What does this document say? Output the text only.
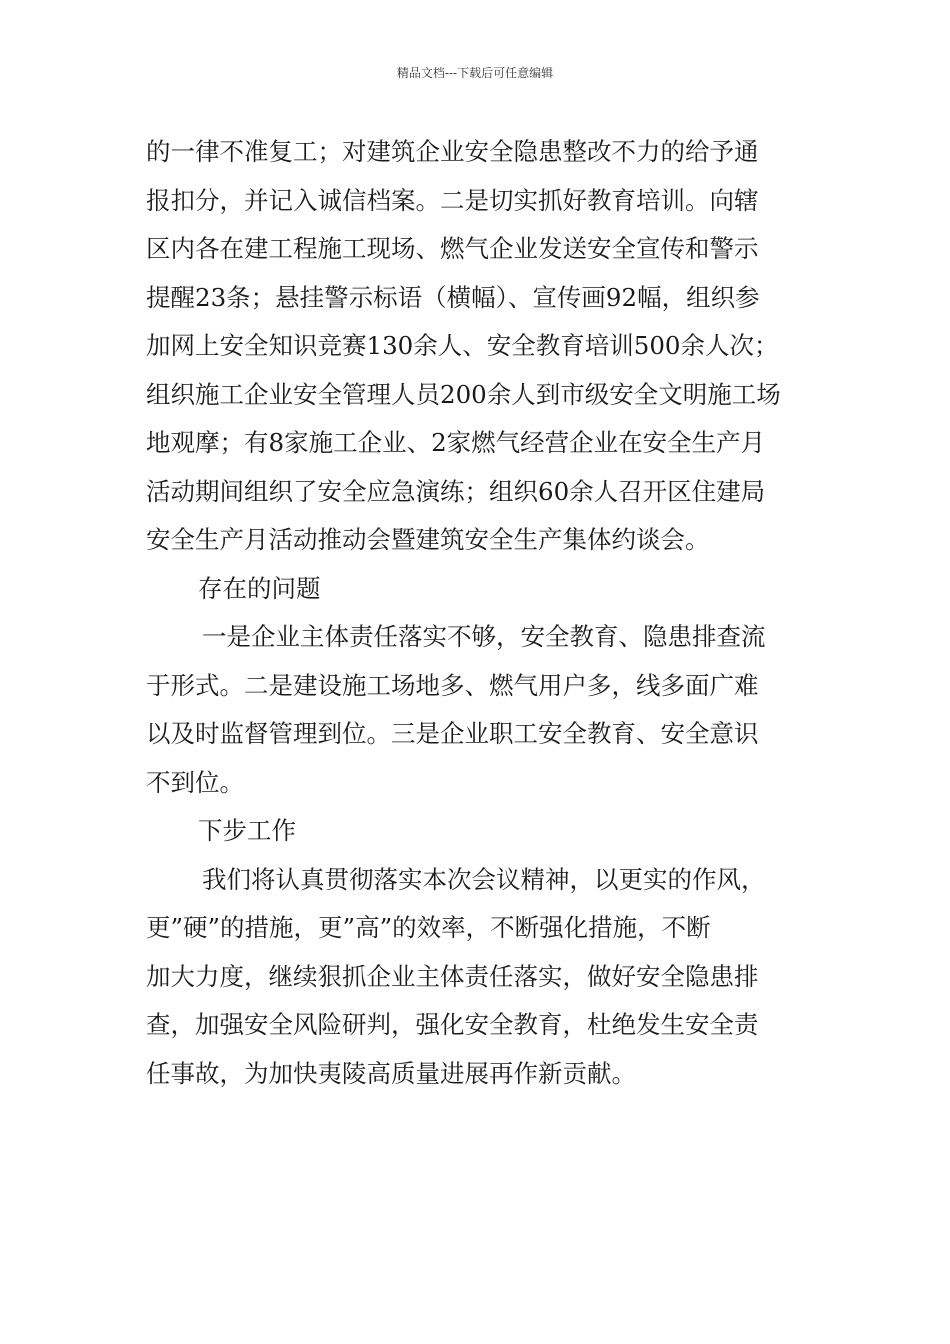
精品文档---下载后可任意编辑
的一律不准复工；对建筑企业安全隐患整改不力的给予通
报扣分，并记入诚信档案。二是切实抓好教育培训。向辖
区内各在建工程施工现场、燃气企业发送安全宣传和警示
提醒23条；悬挂警示标语（横幅）、宣传画92幅，组织参
加网上安全知识竞赛130余人、安全教育培训500余人次；
组织施工企业安全管理人员200余人到市级安全文明施工场
地观摩；有8家施工企业、2家燃气经营企业在安全生产月
活动期间组织了安全应急演练；组织60余人召开区住建局
安全生产月活动推动会暨建筑安全生产集体约谈会。
存在的问题
一是企业主体责任落实不够，安全教育、隐患排查流
于形式。二是建设施工场地多、燃气用户多，线多面广难
以及时监督管理到位。三是企业职工安全教育、安全意识
不到位。
下步工作
我们将认真贯彻落实本次会议精神，以更实的作风，
更”硬”的措施，更”高”的效率，不断强化措施，不断
加大力度，继续狠抓企业主体责任落实，做好安全隐患排
查，加强安全风险研判，强化安全教育，杜绝发生安全责
任事故，为加快夷陵高质量进展再作新贡献。
